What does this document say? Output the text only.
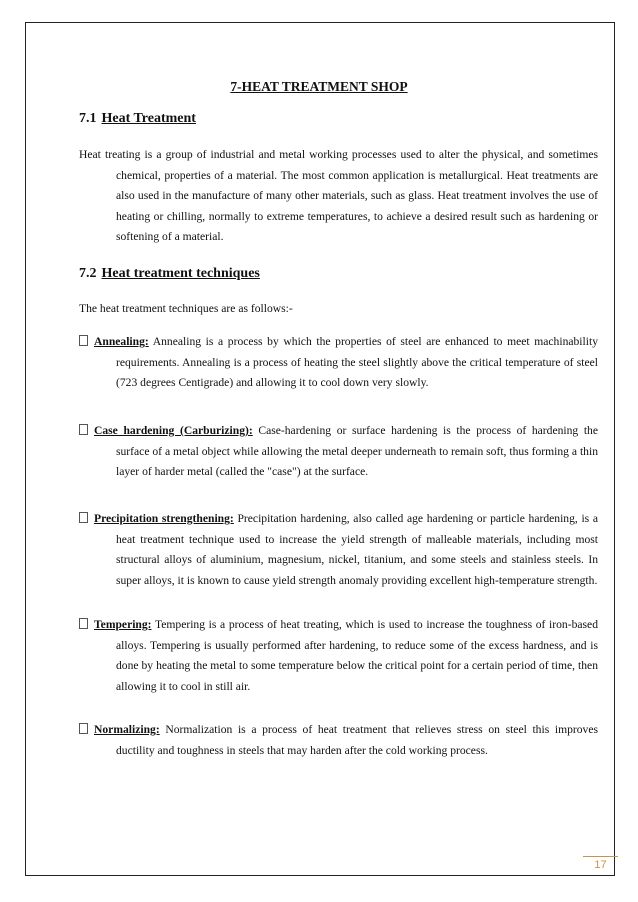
7-HEAT TREATMENT SHOP
7.1 Heat Treatment

Heat treating is a group of industrial and metal working processes used to alter the physical, and sometimes chemical, properties of a material. The most common application is metallurgical. Heat treatments are also used in the manufacture of many other materials, such as glass. Heat treatment involves the use of heating or chilling, normally to extreme temperatures, to achieve a desired result such as hardening or softening of a material.

7.2 Heat treatment techniques

The heat treatment techniques are as follows:-

Annealing: Annealing is a process by which the properties of steel are enhanced to meet machinability requirements. Annealing is a process of heating the steel slightly above the critical temperature of steel (723 degrees Centigrade) and allowing it to cool down very slowly.

Case hardening (Carburizing): Case-hardening or surface hardening is the process of hardening the surface of a metal object while allowing the metal deeper underneath to remain soft, thus forming a thin layer of harder metal (called the "case") at the surface.

Precipitation strengthening: Precipitation hardening, also called age hardening or particle hardening, is a heat treatment technique used to increase the yield strength of malleable materials, including most structural alloys of aluminium, magnesium, nickel, titanium, and some steels and stainless steels. In super alloys, it is known to cause yield strength anomaly providing excellent high-temperature strength.

Tempering: Tempering is a process of heat treating, which is used to increase the toughness of iron-based alloys. Tempering is usually performed after hardening, to reduce some of the excess hardness, and is done by heating the metal to some temperature below the critical point for a certain period of time, then allowing it to cool in still air.

Normalizing: Normalization is a process of heat treatment that relieves stress on steel this improves ductility and toughness in steels that may harden after the cold working process.

17
